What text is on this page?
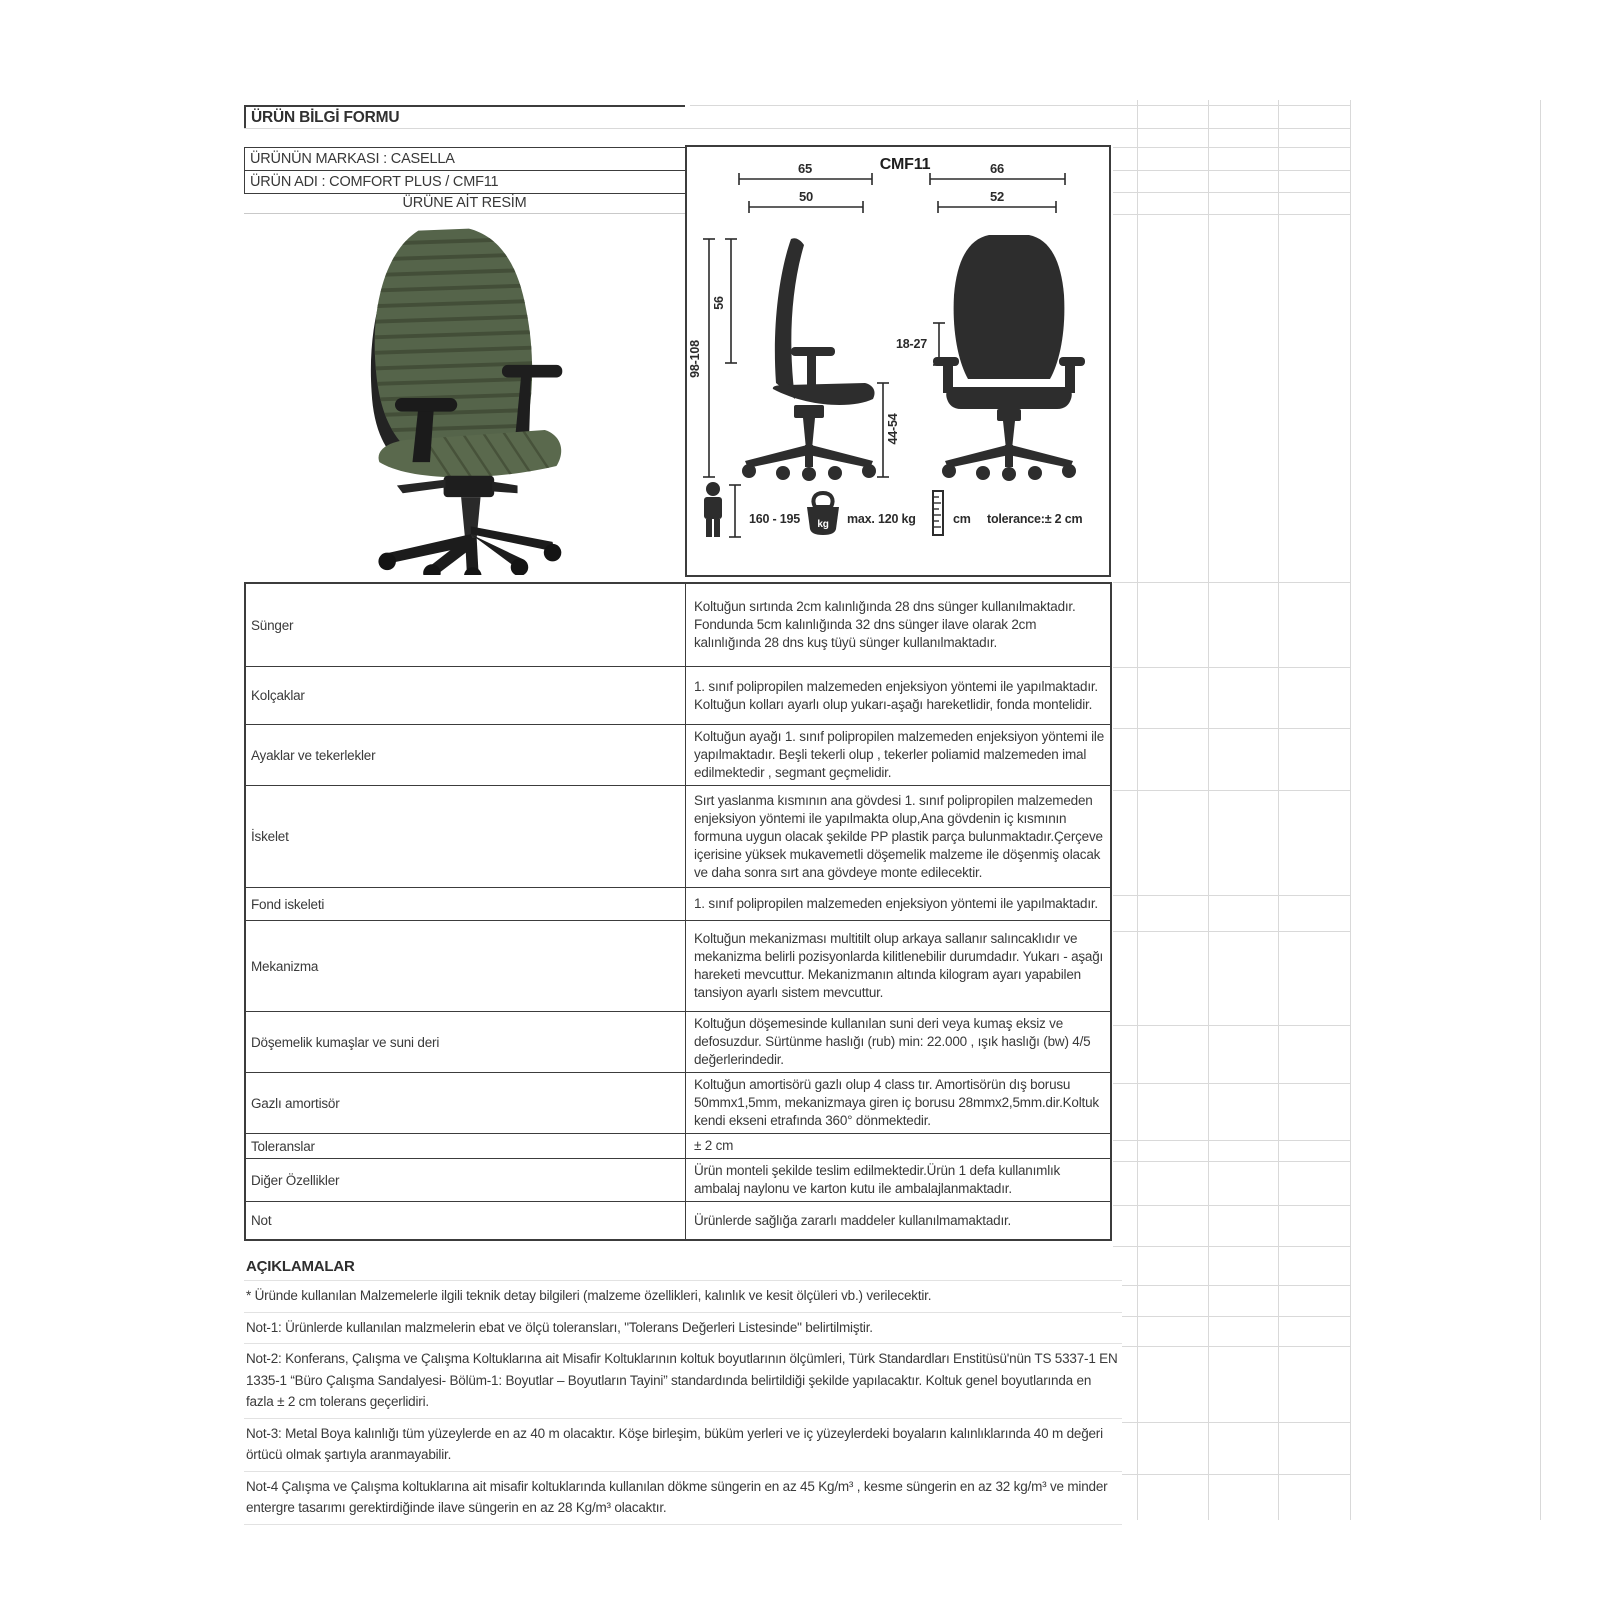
ÜRÜN BİLGİ FORMU
ÜRÜNÜN MARKASI : CASELLA
ÜRÜN ADI : COMFORT PLUS / CMF11
ÜRÜNE AİT RESİM
CMF11
65
50
66
52
98-108
56
44-54
18-27
160 - 195 kg max. 120 kg	cm tolerance:± 2 cm
Sünger
Koltuğun sırtında 2cm kalınlığında 28 dns sünger kullanılmaktadır. Fondunda 5cm kalınlığında 32 dns sünger ilave olarak 2cm kalınlığında 28 dns kuş tüyü sünger kullanılmaktadır.
Kolçaklar
1. sınıf polipropilen malzemeden enjeksiyon yöntemi ile yapılmaktadır. Koltuğun kolları ayarlı olup yukarı-aşağı hareketlidir, fonda montelidir.
Ayaklar ve tekerlekler
Koltuğun ayağı 1. sınıf polipropilen malzemeden enjeksiyon yöntemi ile yapılmaktadır. Beşli tekerli olup , tekerler poliamid malzemeden imal edilmektedir , segmant geçmelidir.
İskelet
Sırt yaslanma kısmının ana gövdesi 1. sınıf polipropilen malzemeden enjeksiyon yöntemi ile yapılmakta olup,Ana gövdenin iç kısmının formuna uygun olacak şekilde PP plastik parça bulunmaktadır.Çerçeve içerisine yüksek mukavemetli döşemelik malzeme ile döşenmiş olacak ve daha sonra sırt ana gövdeye monte edilecektir.
Fond iskeleti	1. sınıf polipropilen malzemeden enjeksiyon yöntemi ile yapılmaktadır.
Mekanizma
Koltuğun mekanizması multitilt olup arkaya sallanır salıncaklıdır ve mekanizma belirli pozisyonlarda kilitlenebilir durumdadır. Yukarı - aşağı hareketi mevcuttur. Mekanizmanın altında kilogram ayarı yapabilen tansiyon ayarlı sistem mevcuttur.
Döşemelik kumaşlar ve suni deri
Koltuğun döşemesinde kullanılan suni deri veya kumaş eksiz ve defosuzdur. Sürtünme haslığı (rub) min: 22.000 , ışık haslığı (bw) 4/5 değerlerindedir.
Gazlı amortisör
Koltuğun amortisörü gazlı olup 4 class tır. Amortisörün dış borusu 50mmx1,5mm, mekanizmaya giren iç borusu 28mmx2,5mm.dir.Koltuk kendi ekseni etrafında 360° dönmektedir.
Toleranslar	± 2 cm
Diğer Özellikler
Ürün monteli şekilde teslim edilmektedir.Ürün 1 defa kullanımlık ambalaj naylonu ve karton kutu ile ambalajlanmaktadır.
Not	Ürünlerde sağlığa zararlı maddeler kullanılmamaktadır.
AÇIKLAMALAR
* Üründe kullanılan Malzemelerle ilgili teknik detay bilgileri (malzeme özellikleri, kalınlık ve kesit ölçüleri vb.) verilecektir.
Not-1: Ürünlerde kullanılan malzmelerin ebat ve ölçü toleransları, "Tolerans Değerleri Listesinde" belirtilmiştir.
Not-2: Konferans, Çalışma ve Çalışma Koltuklarına ait Misafir Koltuklarının koltuk boyutlarının ölçümleri, Türk Standardları Enstitüsü'nün TS 5337-1 EN 1335-1 “Büro Çalışma Sandalyesi- Bölüm-1: Boyutlar – Boyutların Tayini” standardında belirtildiği şekilde yapılacaktır. Koltuk genel boyutlarında en fazla ± 2 cm tolerans geçerlidiri.
Not-3: Metal Boya kalınlığı tüm yüzeylerde en az 40 m olacaktır. Köşe birleşim, büküm yerleri ve iç yüzeylerdeki boyaların kalınlıklarında 40 m değeri örtücü olmak şartıyla aranmayabilir.
Not-4 Çalışma ve Çalışma koltuklarına ait misafir koltuklarında kullanılan dökme süngerin en az 45 Kg/m³ , kesme süngerin en az 32 kg/m³ ve minder entergre tasarımı gerektirdiğinde ilave süngerin en az 28 Kg/m³ olacaktır.
